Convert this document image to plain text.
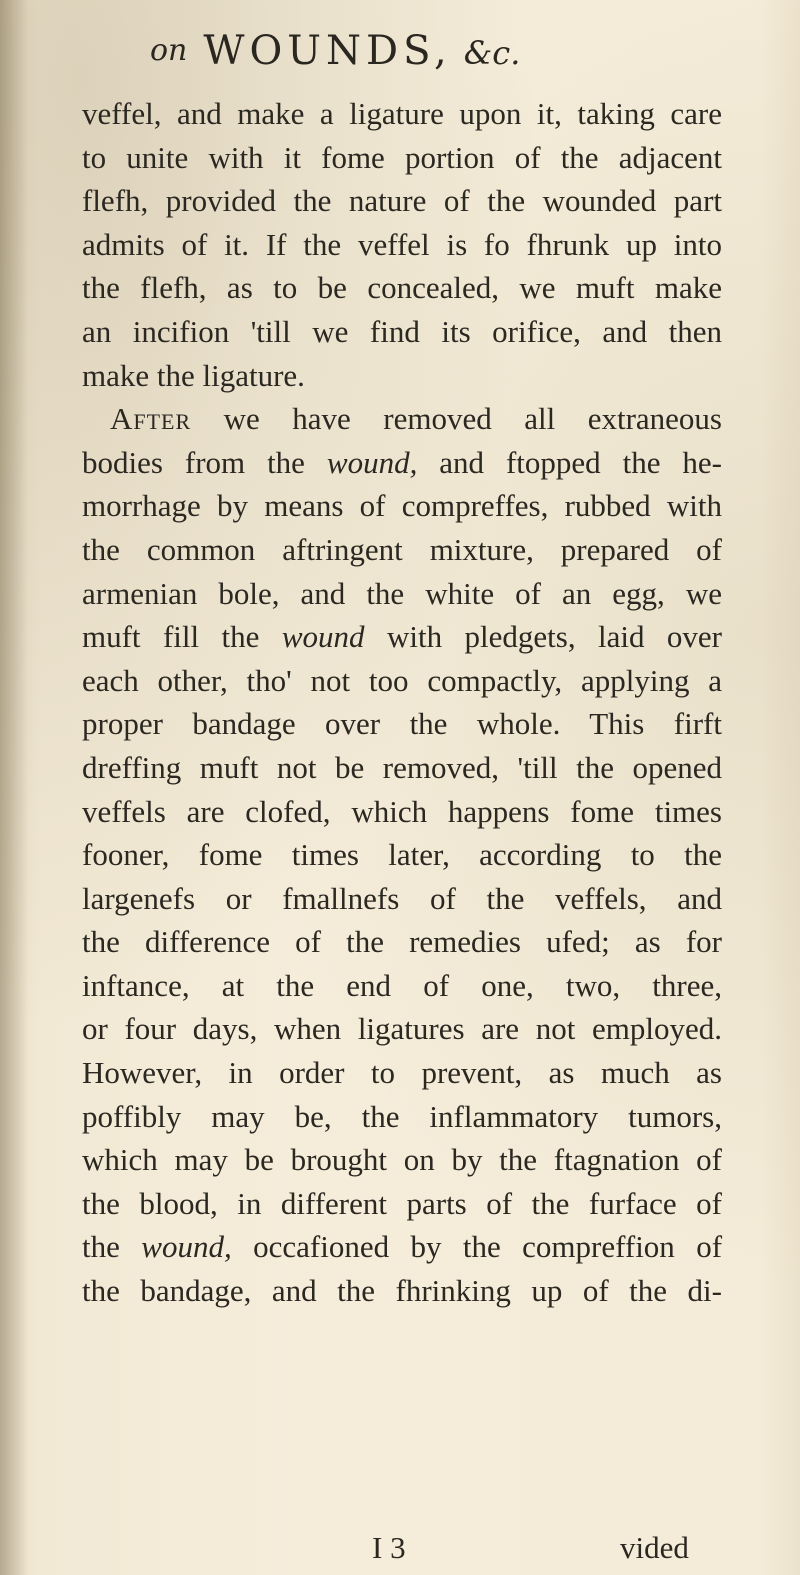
on WOUNDS, &c.
veffel, and make a ligature upon it, taking care
to unite with it fome portion of the adjacent
flefh, provided the nature of the wounded part
admits of it. If the veffel is fo fhrunk up into
the flefh, as to be concealed, we muft make
an incifion 'till we find its orifice, and then
make the ligature.
After we have removed all extraneous
bodies from the wound, and ftopped the he-
morrhage by means of compreffes, rubbed with
the common aftringent mixture, prepared of
armenian bole, and the white of an egg, we
muft fill the wound with pledgets, laid over
each other, tho' not too compactly, applying a
proper bandage over the whole. This firft
dreffing muft not be removed, 'till the opened
veffels are clofed, which happens fome times
fooner, fome times later, according to the
largenefs or fmallnefs of the veffels, and
the difference of the remedies ufed; as for
inftance, at the end of one, two, three,
or four days, when ligatures are not employed.
However, in order to prevent, as much as
poffibly may be, the inflammatory tumors,
which may be brought on by the ftagnation of
the blood, in different parts of the furface of
the wound, occafioned by the compreffion of
the bandage, and the fhrinking up of the di-
I 3	vided
